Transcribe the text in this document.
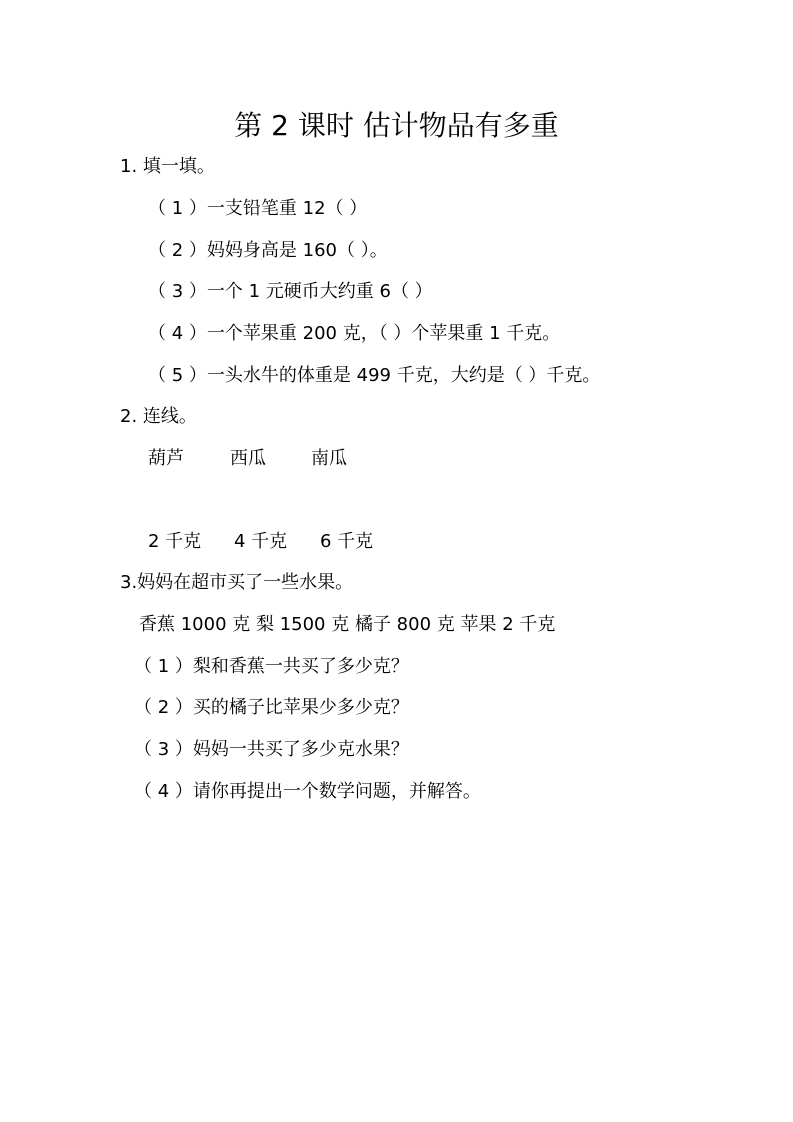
第 2 课时 估计物品有多重
1. 填一填。
（ 1 ）一支铅笔重 12（ ）
（ 2 ）妈妈身高是 160（ ）。
（ 3 ）一个 1 元硬币大约重 6（ ）
（ 4 ）一个苹果重 200 克，（ ）个苹果重 1 千克。
（ 5 ）一头水牛的体重是 499 千克，大约是（ ）千克。
2. 连线。
葫芦	西瓜	南瓜
2 千克 4 千克 6 千克
3.妈妈在超市买了一些水果。
香蕉 1000 克 梨 1500 克 橘子 800 克 苹果 2 千克
（ 1 ）梨和香蕉一共买了多少克？
（ 2 ）买的橘子比苹果少多少克？
（ 3 ）妈妈一共买了多少克水果？
（ 4 ）请你再提出一个数学问题，并解答。
